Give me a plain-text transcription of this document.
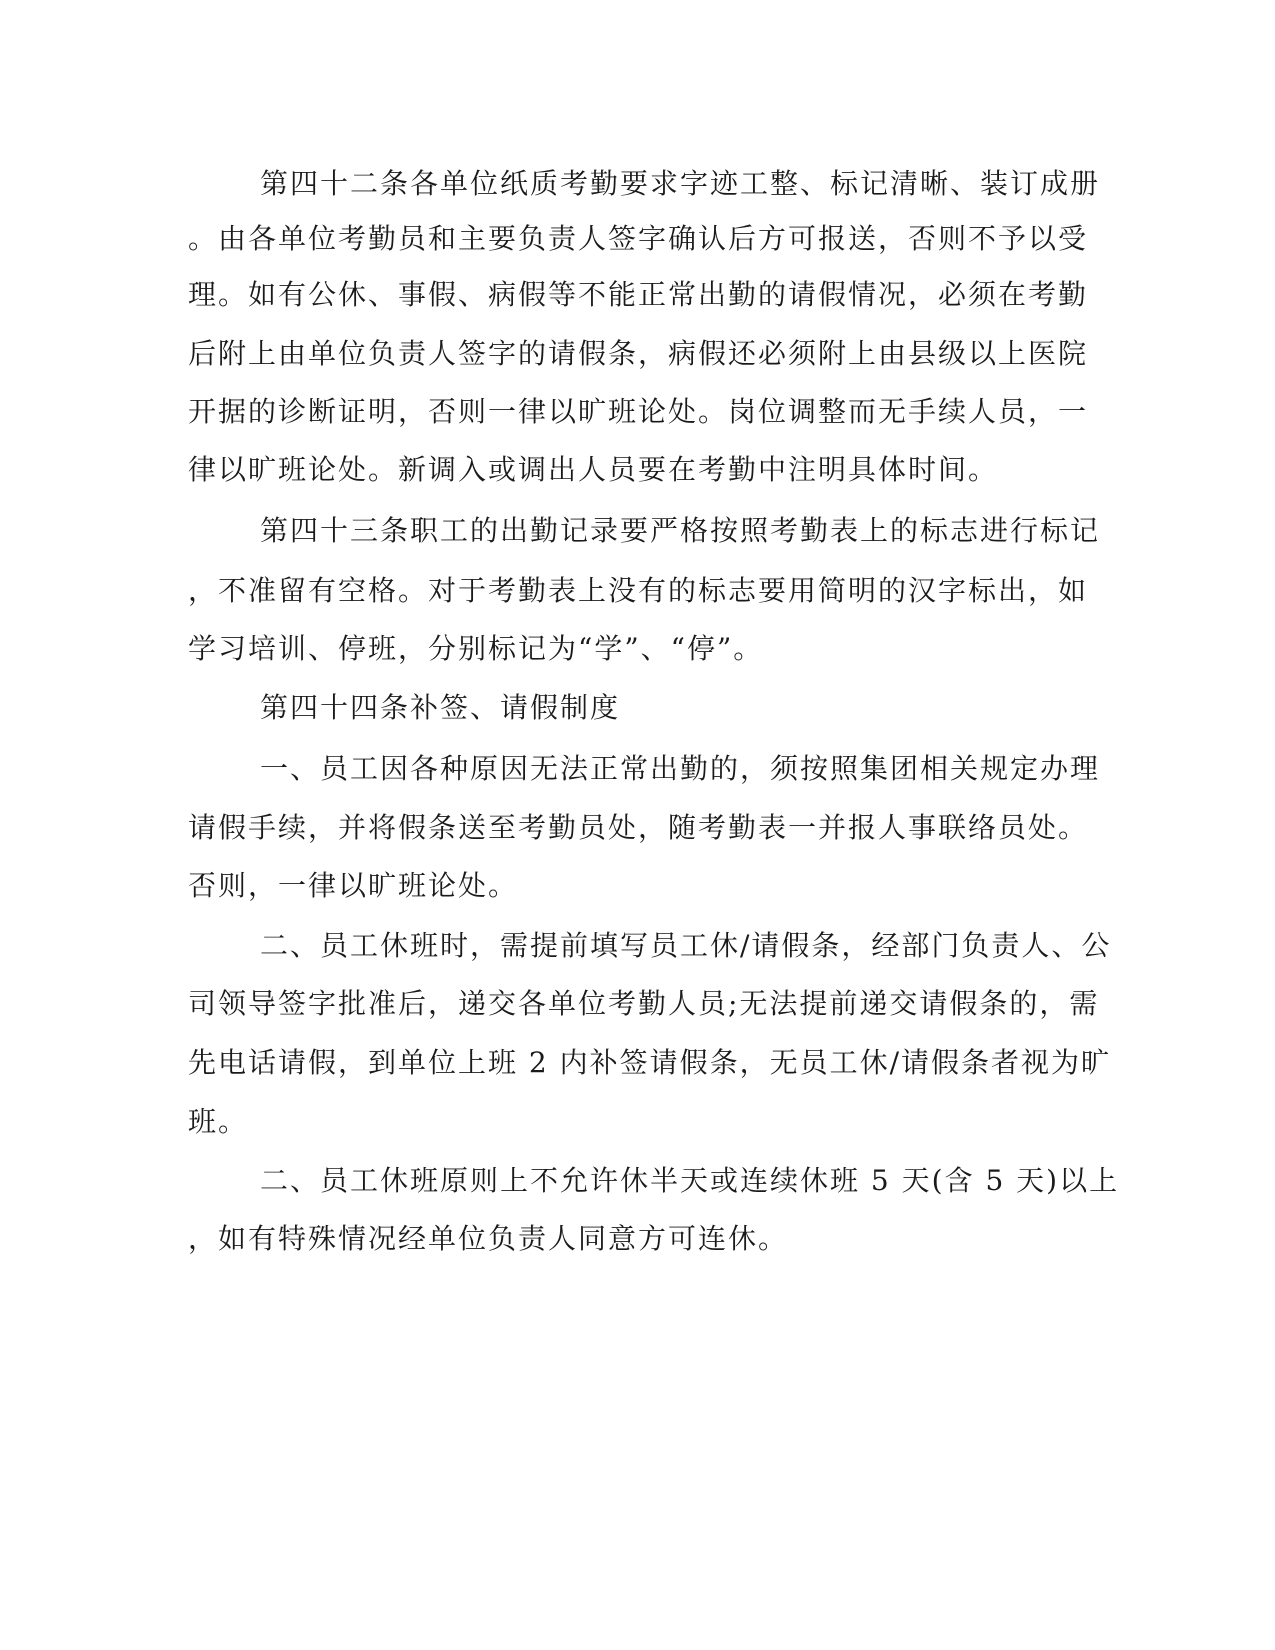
第四十二条各单位纸质考勤要求字迹工整、标记清晰、装订成册
。由各单位考勤员和主要负责人签字确认后方可报送，否则不予以受
理。如有公休、事假、病假等不能正常出勤的请假情况，必须在考勤
后附上由单位负责人签字的请假条，病假还必须附上由县级以上医院
开据的诊断证明，否则一律以旷班论处。岗位调整而无手续人员，一
律以旷班论处。新调入或调出人员要在考勤中注明具体时间。
第四十三条职工的出勤记录要严格按照考勤表上的标志进行标记
，不准留有空格。对于考勤表上没有的标志要用简明的汉字标出，如
学习培训、停班，分别标记为“学”、“停”。
第四十四条补签、请假制度
一、员工因各种原因无法正常出勤的，须按照集团相关规定办理
请假手续，并将假条送至考勤员处，随考勤表一并报人事联络员处。
否则，一律以旷班论处。
二、员工休班时，需提前填写员工休/请假条，经部门负责人、公
司领导签字批准后，递交各单位考勤人员;无法提前递交请假条的，需
先电话请假，到单位上班 2 内补签请假条，无员工休/请假条者视为旷
班。
二、员工休班原则上不允许休半天或连续休班 5 天(含 5 天)以上
，如有特殊情况经单位负责人同意方可连休。
